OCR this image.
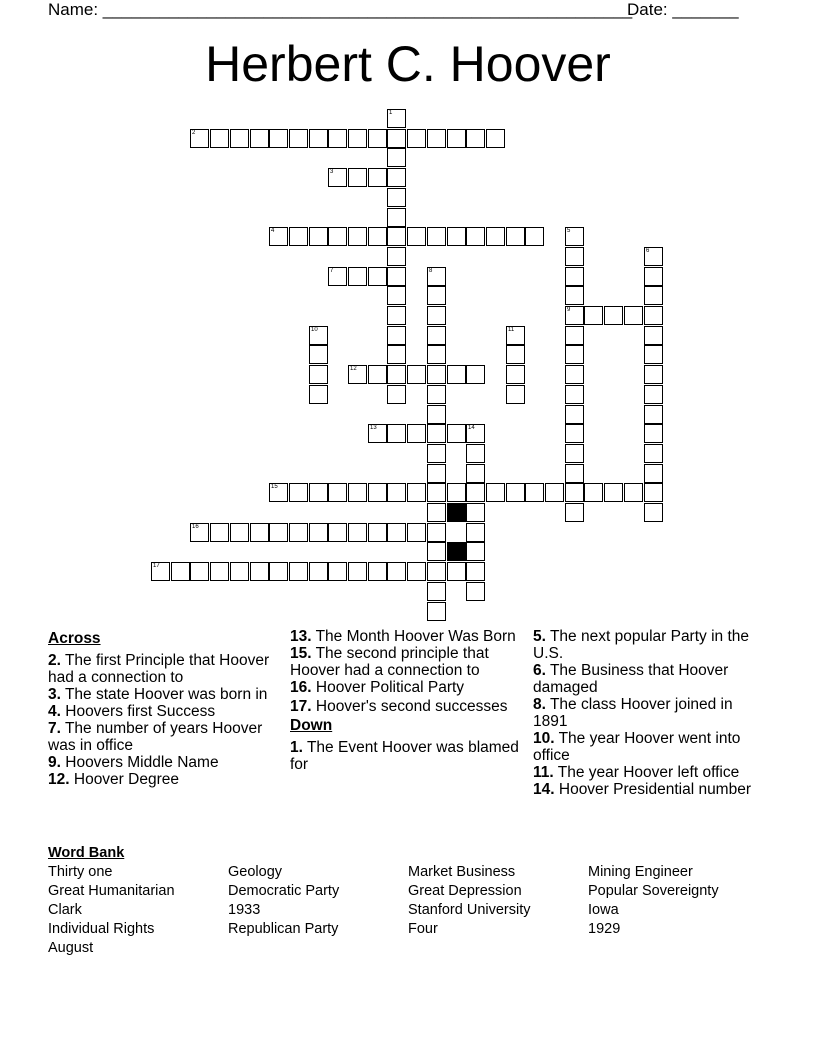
Name: ________________________________________________________
Date: _______
Herbert C. Hoover
1
2
3
4	5
9
6
7	8
10	11
12
13	14
15
16
17
Across
2. The first Principle that Hoover had a connection to
3. The state Hoover was born in
4. Hoovers first Success
7. The number of years Hoover was in office
9. Hoovers Middle Name
12. Hoover Degree
13. The Month Hoover Was Born
15. The second principle that Hoover had a connection to
16. Hoover Political Party
17. Hoover's second successes
Down
1. The Event Hoover was blamed for
5. The next popular Party in the U.S.
6. The Business that Hoover damaged
8. The class Hoover joined in 1891
10. The year Hoover went into office
11. The year Hoover left office
14. Hoover Presidential number
Word Bank
Thirty one	Geology	Market Business	Mining Engineer
Great Humanitarian	Democratic Party	Great Depression	Popular Sovereignty
Clark	1933	Stanford University	Iowa
Individual Rights	Republican Party	Four	1929
August
